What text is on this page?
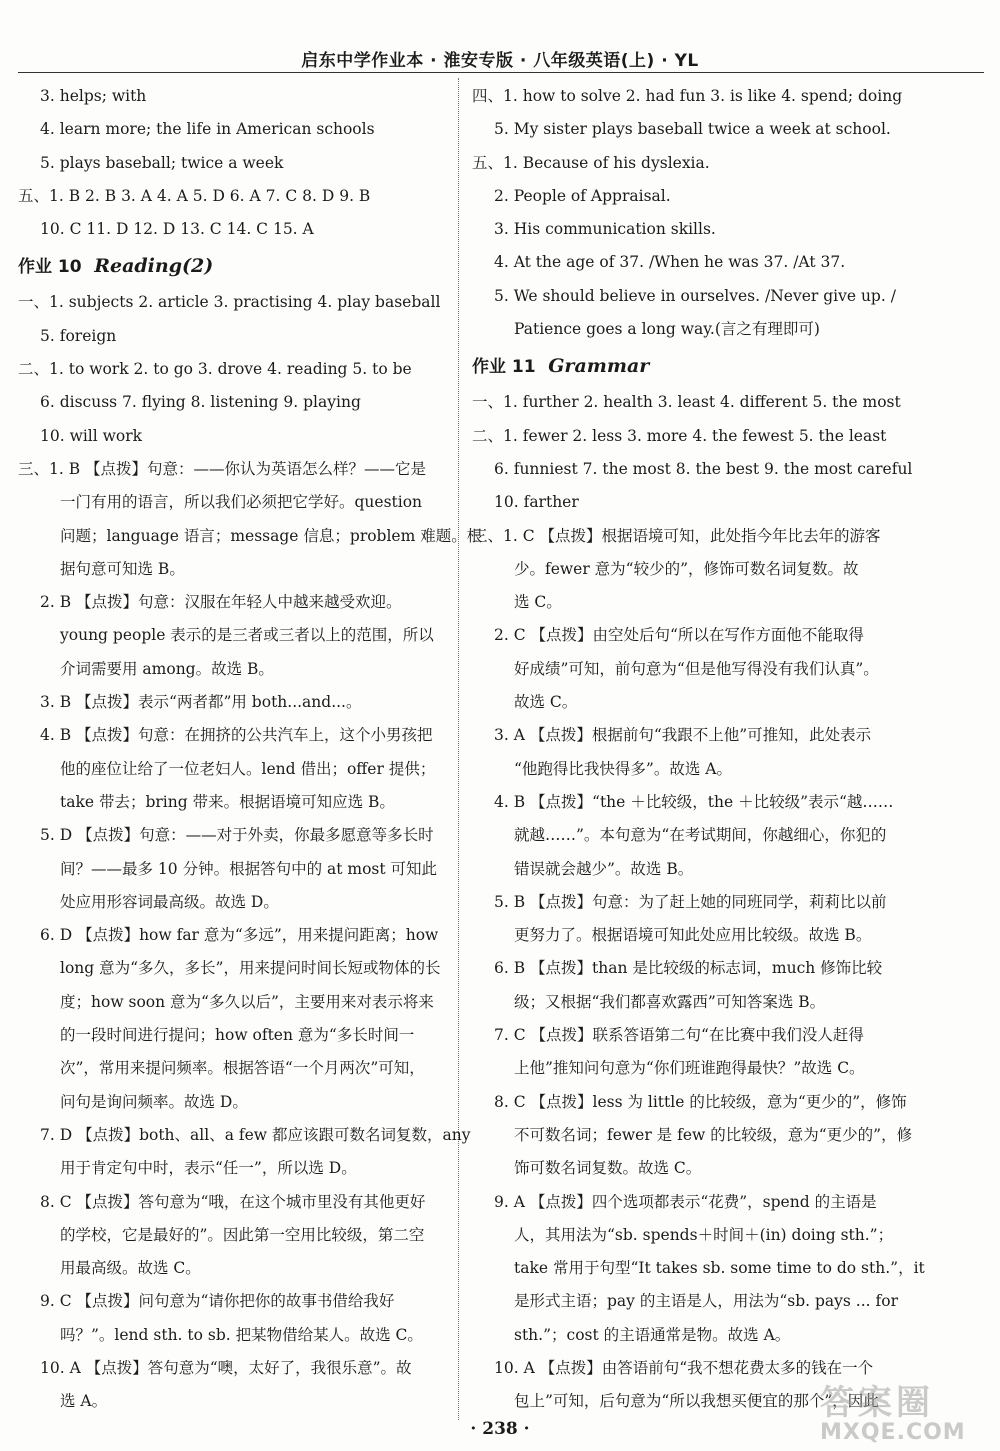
启东中学作业本 · 淮安专版 · 八年级英语(上) · YL
3. helps; with
4. learn more; the life in American schools
5. plays baseball; twice a week
五、1. B 2. B 3. A 4. A 5. D 6. A 7. C 8. D 9. B
10. C 11. D 12. D 13. C 14. C 15. A
作业 10 Reading(2)
一、1. subjects 2. article 3. practising 4. play baseball
5. foreign
二、1. to work 2. to go 3. drove 4. reading 5. to be
6. discuss 7. flying 8. listening 9. playing
10. will work
三、1. B 【点拨】句意：——你认为英语怎么样？——它是
一门有用的语言，所以我们必须把它学好。question
问题；language 语言；message 信息；problem 难题。根
据句意可知选 B。
2. B 【点拨】句意：汉服在年轻人中越来越受欢迎。
young people 表示的是三者或三者以上的范围，所以
介词需要用 among。故选 B。
3. B 【点拨】表示“两者都”用 both...and...。
4. B 【点拨】句意：在拥挤的公共汽车上，这个小男孩把
他的座位让给了一位老妇人。lend 借出；offer 提供；
take 带去；bring 带来。根据语境可知应选 B。
5. D 【点拨】句意：——对于外卖，你最多愿意等多长时
间？——最多 10 分钟。根据答句中的 at most 可知此
处应用形容词最高级。故选 D。
6. D 【点拨】how far 意为“多远”，用来提问距离；how
long 意为“多久，多长”，用来提问时间长短或物体的长
度；how soon 意为“多久以后”，主要用来对表示将来
的一段时间进行提问；how often 意为“多长时间一
次”，常用来提问频率。根据答语“一个月两次”可知，
问句是询问频率。故选 D。
7. D 【点拨】both、all、a few 都应该跟可数名词复数，any
用于肯定句中时，表示“任一”，所以选 D。
8. C 【点拨】答句意为“哦，在这个城市里没有其他更好
的学校，它是最好的”。因此第一空用比较级，第二空
用最高级。故选 C。
9. C 【点拨】问句意为“请你把你的故事书借给我好
吗？”。lend sth. to sb. 把某物借给某人。故选 C。
10. A 【点拨】答句意为“噢，太好了，我很乐意”。故
选 A。
四、1. how to solve 2. had fun 3. is like 4. spend; doing
5. My sister plays baseball twice a week at school.
五、1. Because of his dyslexia.
2. People of Appraisal.
3. His communication skills.
4. At the age of 37. /When he was 37. /At 37.
5. We should believe in ourselves. /Never give up. /
Patience goes a long way.(言之有理即可)
作业 11 Grammar
一、1. further 2. health 3. least 4. different 5. the most
二、1. fewer 2. less 3. more 4. the fewest 5. the least
6. funniest 7. the most 8. the best 9. the most careful
10. farther
三、1. C 【点拨】根据语境可知，此处指今年比去年的游客
少。fewer 意为“较少的”，修饰可数名词复数。故
选 C。
2. C 【点拨】由空处后句“所以在写作方面他不能取得
好成绩”可知，前句意为“但是他写得没有我们认真”。
故选 C。
3. A 【点拨】根据前句“我跟不上他”可推知，此处表示
“他跑得比我快得多”。故选 A。
4. B 【点拨】“the ＋比较级，the ＋比较级”表示“越……
就越……”。本句意为“在考试期间，你越细心，你犯的
错误就会越少”。故选 B。
5. B 【点拨】句意：为了赶上她的同班同学，莉莉比以前
更努力了。根据语境可知此处应用比较级。故选 B。
6. B 【点拨】than 是比较级的标志词，much 修饰比较
级；又根据“我们都喜欢露西”可知答案选 B。
7. C 【点拨】联系答语第二句“在比赛中我们没人赶得
上他”推知问句意为“你们班谁跑得最快？”故选 C。
8. C 【点拨】less 为 little 的比较级，意为“更少的”，修饰
不可数名词；fewer 是 few 的比较级，意为“更少的”，修
饰可数名词复数。故选 C。
9. A 【点拨】四个选项都表示“花费”，spend 的主语是
人，其用法为“sb. spends＋时间＋(in) doing sth.”；
take 常用于句型“It takes sb. some time to do sth.”，it
是形式主语；pay 的主语是人，用法为“sb. pays ... for
sth.”；cost 的主语通常是物。故选 A。
10. A 【点拨】由答语前句“我不想花费太多的钱在一个
包上”可知，后句意为“所以我想买便宜的那个”，因此
· 238 ·
答案圈
MXQE.COM
